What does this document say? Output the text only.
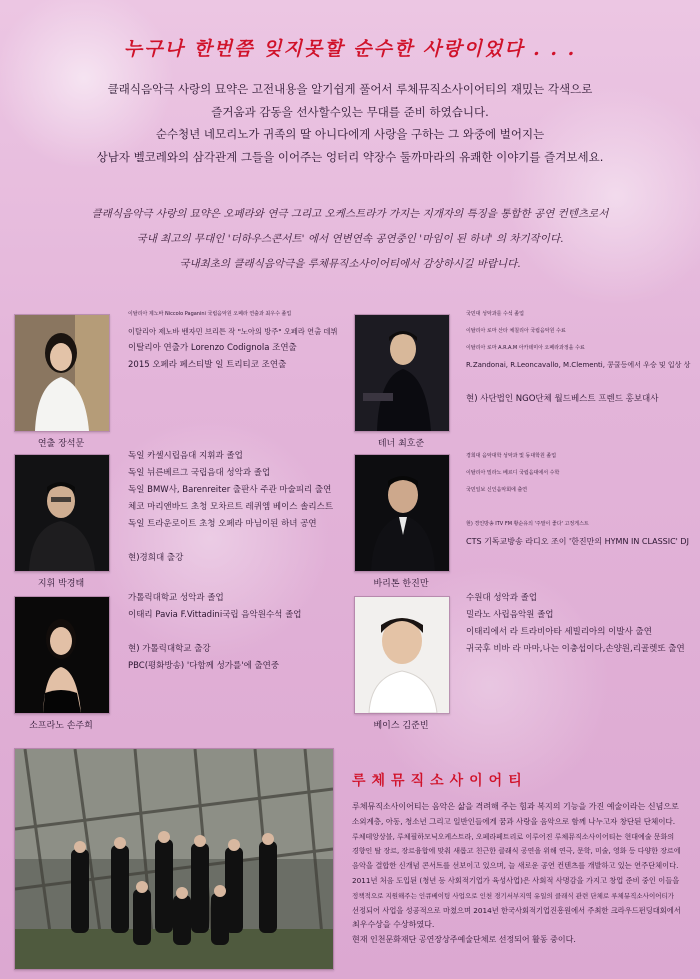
누구나 한번쯤 잊지못할 순수한 사랑이었다 . . .
클래식음악극 사랑의 묘약은 고전내용을 알기쉽게 풀어서 루체뮤직소사이어티의 재밌는 각색으로
즐거움과 감동을 선사할수있는 무대를 준비 하였습니다.
순수청년 네모리노가 귀족의 딸 아니다에게 사랑을 구하는 그 와중에 벌어지는
상남자 벨코레와의 삼각관계 그들을 이어주는 엉터리 약장수 둘까마라의 유쾌한 이야기를 즐겨보세요.
클래식음악극 사랑의 묘약은 오페라와 연극 그리고 오케스트라가 가지는 지개자의 특징을 통합한 공연 컨텐츠로서
국내 최고의 무대인 '더하우스콘서트' 에서 연변연속 공연중인 '마임이 된 하녀' 의 차기작이다.
국내최초의 클래식음악극을 루체뮤직소사이어티에서 감상하시길 바랍니다.
연출 장석문
이탈리아 제노바 Niccolo Paganini 국립음악원 오페라 연출과 최우수 졸업
이탈리아 제노바 벤자민 브리튼 작 "노아의 방주" 오페라 연출 데뷔
이탈리아 연출가 Lorenzo Codignola 조연출
2015 오페라 페스티발 일 트리티코 조연출
테너 최호준
국민대 성악과를 수석 졸업
이탈리아 로마 산타 체칠리아 국립음악원 수료
이탈리아 로마 A.R.A.M 아카데미아 오페라과정을 수료
R.Zandonai, R.Leoncavallo, M.Clementi, 콩쿨등에서 우승 및 입상 상
현) 사단법인 NGO단체 월드베스트 프렌드 홍보대사
지휘 박경태
독일 카셀시립음대 지휘과 졸업
독일 뉘른베르그 국립음대 성악과 졸업
독일 BMW사, Barenreiter 출판사 주관 마술피리 출연
체코 마리앤바드 초청 모차르트 레퀴엠 베이스 솔리스트
독일 트라운로이트 초청 오페라 마님이된 하녀 공연
현)경희대 출강
바리톤 한진만
경희대 음악대학 성악과 및 동대학원 졸업
이탈리아 밀라노 베르디 국립음대에서 수학
국민일보 신인음악회에 출연
현) 경인방송 ITV FM 황순유의 '주말이 좋다' 고정게스트
CTS 기독교방송 라디오 조이 '한진만의 HYMN IN CLASSIC' DJ
소프라노 손주희
가톨릭대학교 성악과 졸업
이태리 Pavia F.Vittadini국립 음악원수석 졸업
현) 가톨릭대학교 출강
PBC(평화방송) '다함께 성가를'에 출연중
베이스 김준빈
수원대 성악과 졸업
밀라노 사립음악원 졸업
이태리에서 라 트라비아타 세빌리아의 이발사 출연
귀국후 비바 라 마마,나는 이충섭이다,손양원,리골렛또 출연
루체뮤직소사이어티
루체뮤직소사이어티는 음악은 삶을 격려해 주는 힘과 복지의 기능을 가진 예술이라는 신념으로
소외계층, 아동, 청소년 그리고 일반인들에게 꿈과 사랑을 음악으로 함께 나누고자 창단된 단체이다.
루체테앙상블, 루체필하모닉오케스트라, 오페라페트리로 이루어진 루체뮤직소사이어티는 현대예술 문화의
경향인 탈 장르, 장르융합에 맞춰 새롭고 친근한 클래식 공연을 위해 연극, 문학, 미술, 영화 등 다양한 장르에
음악을 결합한 신개념 콘서트를 선보이고 있으며, 늘 새로운 공연 컨텐츠를 개발하고 있는 연주단체이다.
2011년 처음 도입된 (청년 등 사회적기업가 육성사업)은 사회적 사명감을 가지고 창업 준비 중인 이들을
정책적으로 지원해주는 인큐베이팅 사업으로 인천 경기서부지역 유일의 클래식 관련 단체로 루체뮤직소사이어티가
선정되어 사업을 성공적으로 마쳤으며 2014년 한국사회적기업진흥원에서 주최한 크라우드펀딩대회에서
최우수상을 수상하였다.
현재 인천문화재단 공연장상주예술단체로 선정되어 활동 중이다.
